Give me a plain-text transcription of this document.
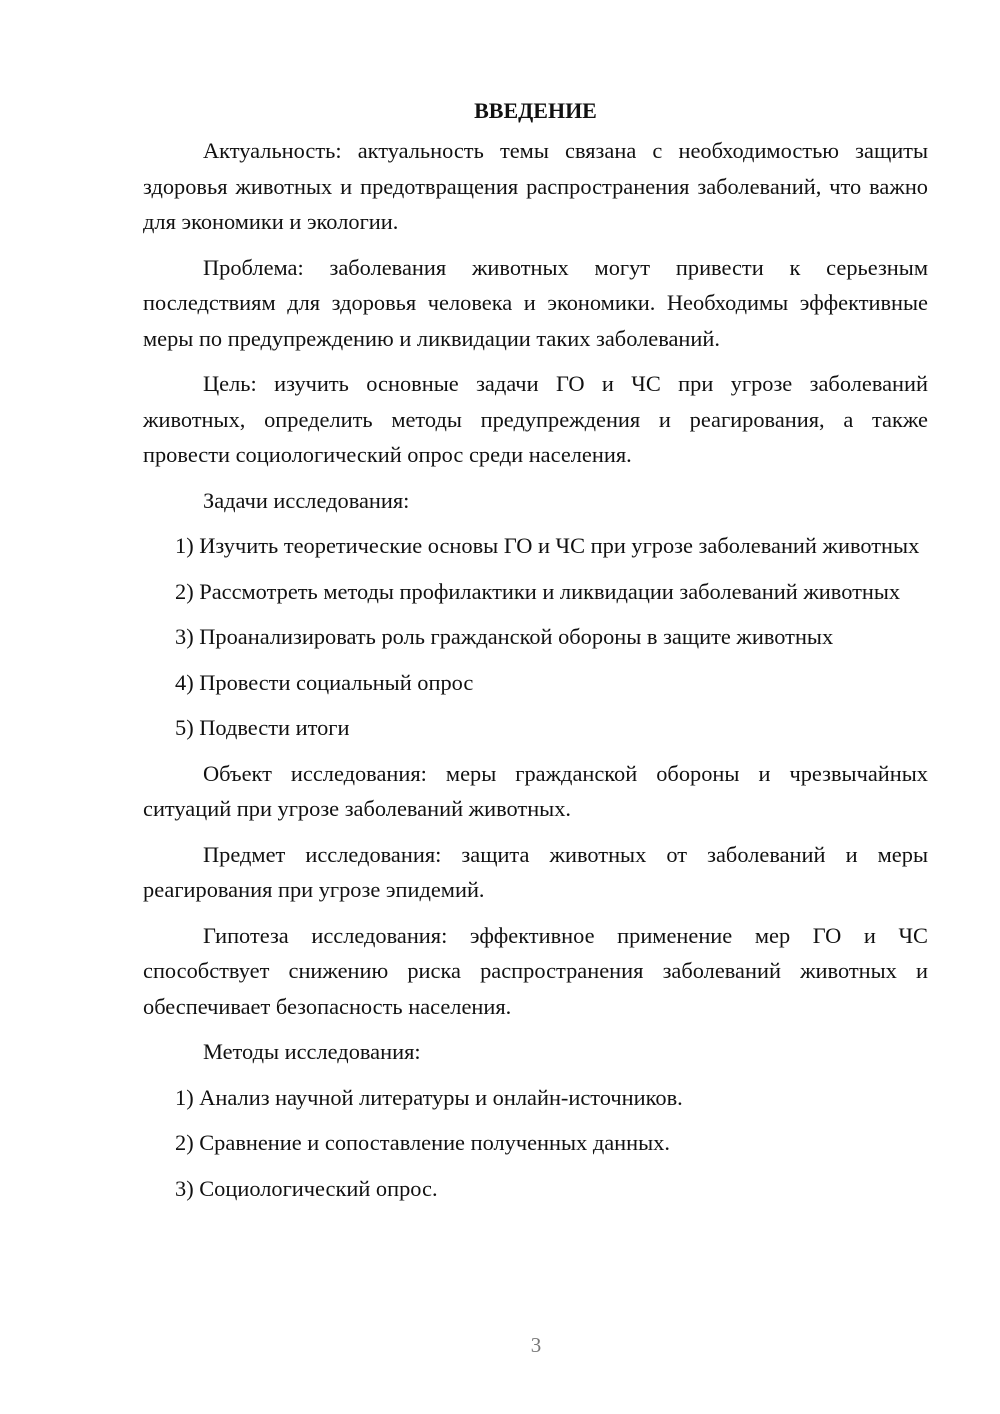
ВВЕДЕНИЕ

Актуальность: актуальность темы связана с необходимостью защиты здоровья животных и предотвращения распространения заболеваний, что важно для экономики и экологии.

Проблема: заболевания животных могут привести к серьезным последствиям для здоровья человека и экономики. Необходимы эффективные меры по предупреждению и ликвидации таких заболеваний.

Цель: изучить основные задачи ГО и ЧС при угрозе заболеваний животных, определить методы предупреждения и реагирования, а также провести социологический опрос среди населения.

Задачи исследования:

1) Изучить теоретические основы ГО и ЧС при угрозе заболеваний животных

2) Рассмотреть методы профилактики и ликвидации заболеваний животных

3) Проанализировать роль гражданской обороны в защите животных

4) Провести социальный опрос

5) Подвести итоги

Объект исследования: меры гражданской обороны и чрезвычайных ситуаций при угрозе заболеваний животных.

Предмет исследования: защита животных от заболеваний и меры реагирования при угрозе эпидемий.

Гипотеза исследования: эффективное применение мер ГО и ЧС способствует снижению риска распространения заболеваний животных и обеспечивает безопасность населения.

Методы исследования:

1) Анализ научной литературы и онлайн-источников.

2) Сравнение и сопоставление полученных данных.

3) Социологический опрос.

3
